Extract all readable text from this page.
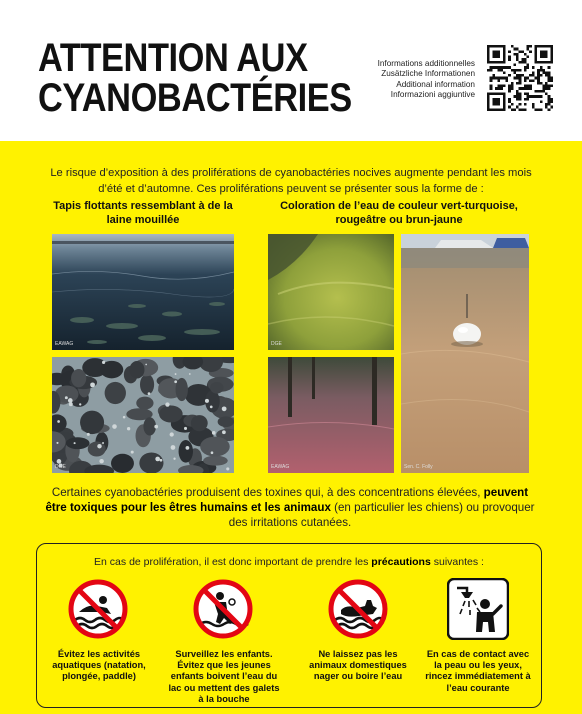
ATTENTION AUX
CYANOBACTÉRIES
Informations additionnelles
Zusätzliche Informationen
Additional information
Informazioni aggiuntive

Le risque d’exposition à des proliférations de cyanobactéries nocives augmente pendant les mois d’été et d’automne. Ces proliférations peuvent se présenter sous la forme de :

Tapis flottants ressemblant à de la laine mouillée
Coloration de l’eau de couleur vert-turquoise, rougeâtre ou brun-jaune
EAWAG
DGE
DGE
EAWAG	Sen. C. Folly

Certaines cyanobactéries produisent des toxines qui, à des concentrations élevées, peuvent être toxiques pour les êtres humains et les animaux (en particulier les chiens) ou provoquer des irritations cutanées.

En cas de prolifération, il est donc important de prendre les précautions suivantes :
Évitez les activités aquatiques (natation, plongée, paddle)
Surveillez les enfants. Évitez que les jeunes enfants boivent l’eau du lac ou mettent des galets à la bouche
Ne laissez pas les animaux domestiques nager ou boire l’eau
En cas de contact avec la peau ou les yeux, rincez immédiatement à l’eau courante
